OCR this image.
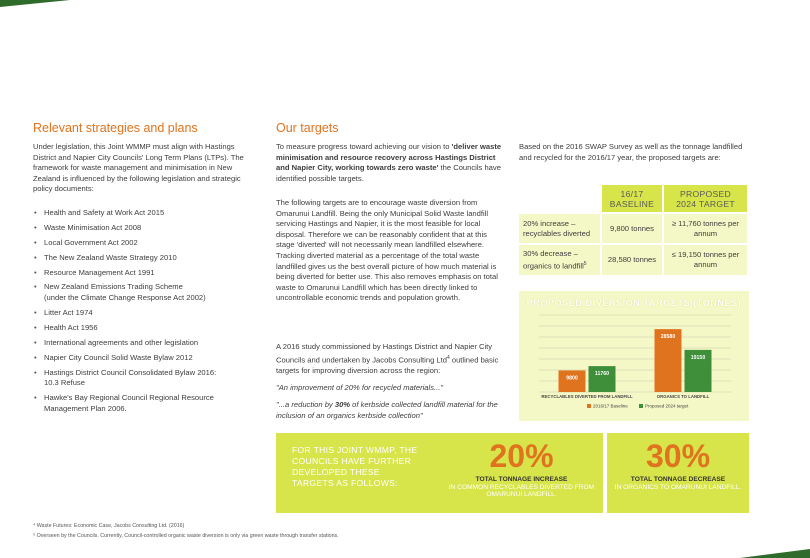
Relevant strategies and plans

Under legislation, this Joint WMMP must align with Hastings District and Napier City Councils' Long Term Plans (LTPs). The framework for waste management and minimisation in New Zealand is influenced by the following legislation and strategic policy documents:

• Health and Safety at Work Act 2015
• Waste Minimisation Act 2008
• Local Government Act 2002
• The New Zealand Waste Strategy 2010
• Resource Management Act 1991
• New Zealand Emissions Trading Scheme
(under the Climate Change Response Act 2002)
• Litter Act 1974
• Health Act 1956
• International agreements and other legislation
• Napier City Council Solid Waste Bylaw 2012
• Hastings District Council Consolidated Bylaw 2016:
10.3 Refuse
• Hawke's Bay Regional Council Regional Resource
Management Plan 2006.
Our targets

To measure progress toward achieving our vision to 'deliver waste minimisation and resource recovery across Hastings District and Napier City, working towards zero waste' the Councils have identified possible targets.

The following targets are to encourage waste diversion from Omarunui Landfill. Being the only Municipal Solid Waste landfill servicing Hastings and Napier, it is the most feasible for local disposal. Therefore we can be reasonably confident that at this stage 'diverted' will not necessarily mean landfilled elsewhere. Tracking diverted material as a percentage of the total waste landfilled gives us the best overall picture of how much material is being diverted for better use. This also removes emphasis on total waste to Omarunui Landfill which has been directly linked to uncontrollable economic trends and population growth.

A 2016 study commissioned by Hastings District and Napier City Councils and undertaken by Jacobs Consulting Ltd$^4$ outlined basic targets for improving diversion across the region:

"An improvement of 20% for recycled materials..."

"...a reduction by 30% of kerbside collected landfill material for the inclusion of an organics kerbside collection"

Based on the 2016 SWAP Survey as well as the tonnage landfilled and recycled for the 2016/17 year, the proposed targets are:

	16/17
BASELINE	PROPOSED
2024 TARGET
20% increase – recyclables diverted	9,800 tonnes	≥ 11,760 tonnes per annum
30% decrease – organics to landfill$^5$	28,580 tonnes	≤ 19,150 tonnes per annum
PROPOSED DIVERSION TARGETS (TONNES)
9800
11760
RECYCLABLES DIVERTED FROM LANDFILL
28580
19150
ORGANICS TO LANDFILL
2016/17 Baseline	Proposed 2024 target
FOR THIS JOINT WMMP, THE COUNCILS HAVE FURTHER DEVELOPED THESE TARGETS AS FOLLOWS:
20%
TOTAL TONNAGE INCREASE
IN COMMON RECYCLABLES DIVERTED FROM OMARUNUI LANDFILL.
30%
TOTAL TONNAGE DECREASE
IN ORGANICS TO OMARUNUI LANDFILL.

⁴ Waste Futures: Economic Case, Jacobs Consulting Ltd. (2016)

⁵ Overseen by the Councils. Currently, Council-controlled organic waste diversion is only via green waste through transfer stations.
